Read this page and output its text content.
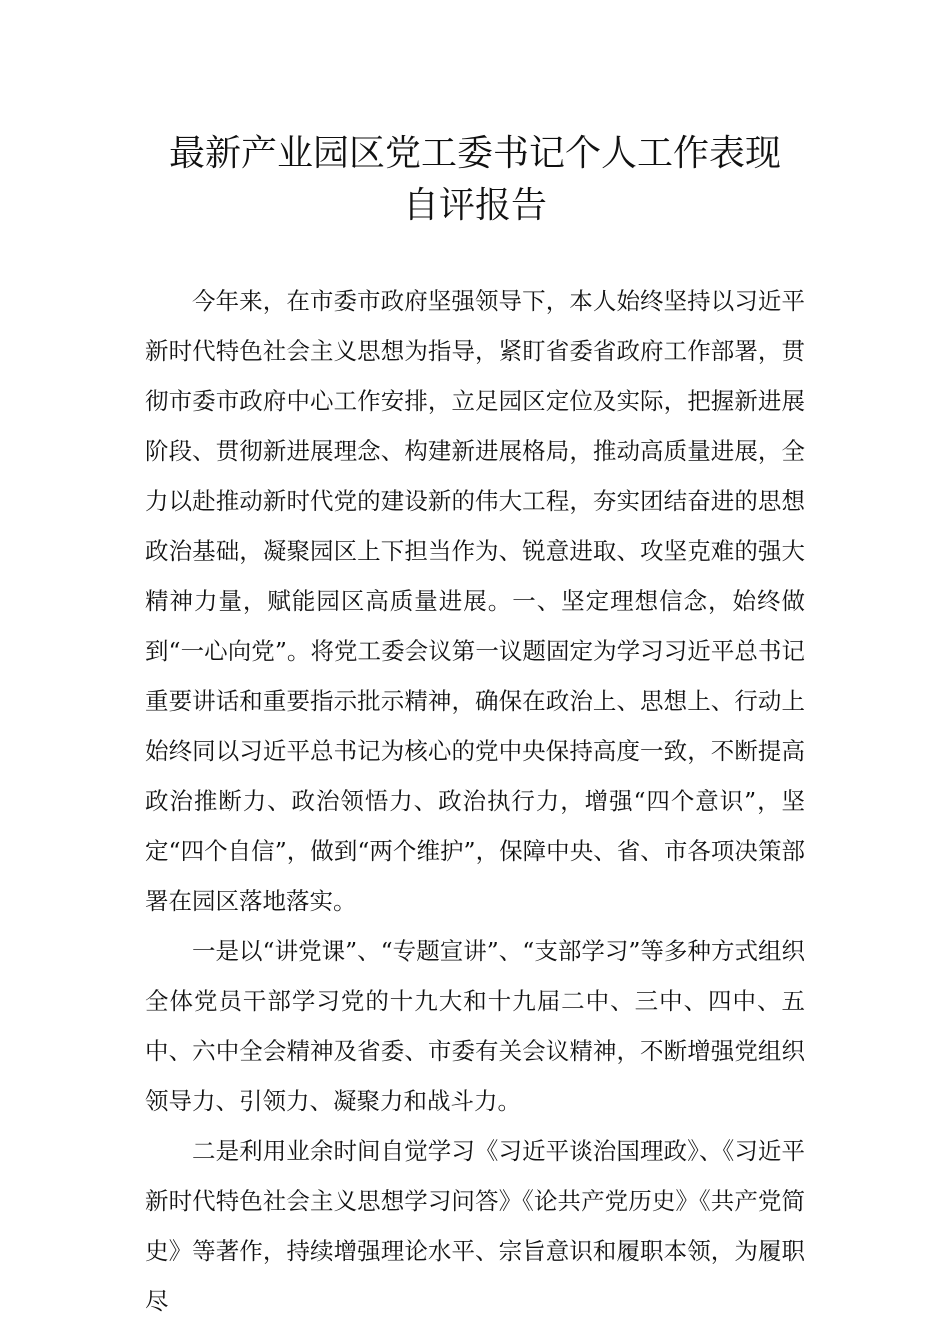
最新产业园区党工委书记个人工作表现
自评报告

今年来，在市委市政府坚强领导下，本人始终坚持以习近平新时代特色社会主义思想为指导，紧盯省委省政府工作部署，贯彻市委市政府中心工作安排，立足园区定位及实际，把握新进展阶段、贯彻新进展理念、构建新进展格局，推动高质量进展，全力以赴推动新时代党的建设新的伟大工程，夯实团结奋进的思想政治基础，凝聚园区上下担当作为、锐意进取、攻坚克难的强大精神力量，赋能园区高质量进展。一、坚定理想信念，始终做到“一心向党”。将党工委会议第一议题固定为学习习近平总书记重要讲话和重要指示批示精神，确保在政治上、思想上、行动上始终同以习近平总书记为核心的党中央保持高度一致，不断提高政治推断力、政治领悟力、政治执行力，增强“四个意识”，坚定“四个自信”，做到“两个维护”，保障中央、省、市各项决策部署在园区落地落实。

一是以“讲党课”、“专题宣讲”、“支部学习”等多种方式组织全体党员干部学习党的十九大和十九届二中、三中、四中、五中、六中全会精神及省委、市委有关会议精神，不断增强党组织领导力、引领力、凝聚力和战斗力。

二是利用业余时间自觉学习《习近平谈治国理政》、《习近平新时代特色社会主义思想学习问答》《论共产党历史》《共产党简史》等著作，持续增强理论水平、宗旨意识和履职本领，为履职尽
